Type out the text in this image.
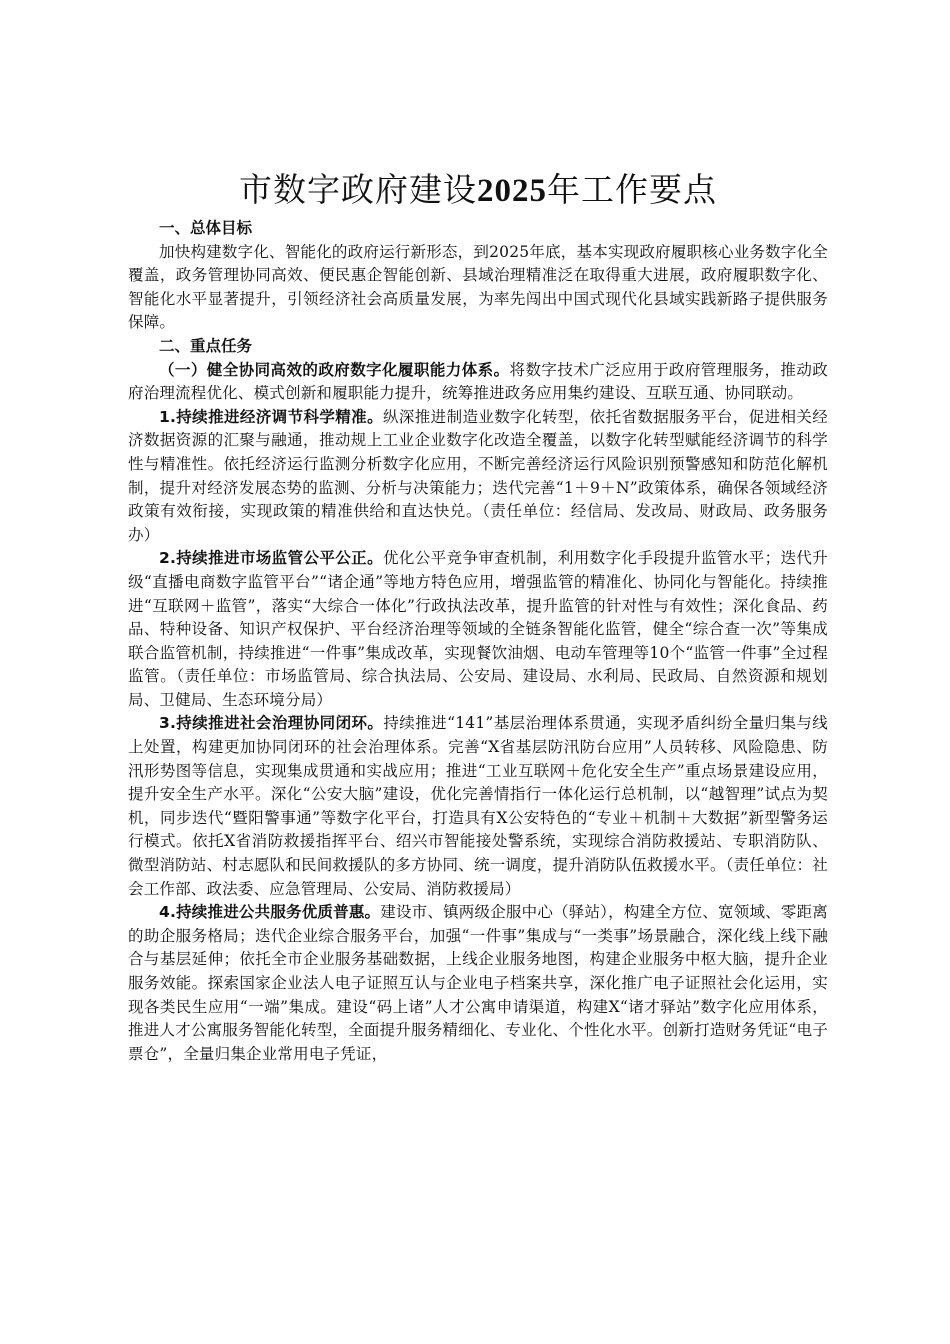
市数字政府建设2025年工作要点
一、总体目标

加快构建数字化、智能化的政府运行新形态，到2025年底，基本实现政府履职核心业务数字化全覆盖，政务管理协同高效、便民惠企智能创新、县域治理精准泛在取得重大进展，政府履职数字化、智能化水平显著提升，引领经济社会高质量发展，为率先闯出中国式现代化县域实践新路子提供服务保障。

二、重点任务

（一）健全协同高效的政府数字化履职能力体系。将数字技术广泛应用于政府管理服务，推动政府治理流程优化、模式创新和履职能力提升，统筹推进政务应用集约建设、互联互通、协同联动。

1.持续推进经济调节科学精准。纵深推进制造业数字化转型，依托省数据服务平台，促进相关经济数据资源的汇聚与融通，推动规上工业企业数字化改造全覆盖，以数字化转型赋能经济调节的科学性与精准性。依托经济运行监测分析数字化应用，不断完善经济运行风险识别预警感知和防范化解机制，提升对经济发展态势的监测、分析与决策能力；迭代完善“1＋9＋N”政策体系，确保各领域经济政策有效衔接，实现政策的精准供给和直达快兑。（责任单位：经信局、发改局、财政局、政务服务办）

2.持续推进市场监管公平公正。优化公平竞争审查机制，利用数字化手段提升监管水平；迭代升级“直播电商数字监管平台”“诸企通”等地方特色应用，增强监管的精准化、协同化与智能化。持续推进“互联网＋监管”，落实“大综合一体化”行政执法改革，提升监管的针对性与有效性；深化食品、药品、特种设备、知识产权保护、平台经济治理等领域的全链条智能化监管，健全“综合查一次”等集成联合监管机制，持续推进“一件事”集成改革，实现餐饮油烟、电动车管理等10个“监管一件事”全过程监管。（责任单位：市场监管局、综合执法局、公安局、建设局、水利局、民政局、自然资源和规划局、卫健局、生态环境分局）

3.持续推进社会治理协同闭环。持续推进“141”基层治理体系贯通，实现矛盾纠纷全量归集与线上处置，构建更加协同闭环的社会治理体系。完善“X省基层防汛防台应用”人员转移、风险隐患、防汛形势图等信息，实现集成贯通和实战应用；推进“工业互联网＋危化安全生产”重点场景建设应用，提升安全生产水平。深化“公安大脑”建设，优化完善情指行一体化运行总机制，以“越智理”试点为契机，同步迭代“暨阳警事通”等数字化平台，打造具有X公安特色的“专业＋机制＋大数据”新型警务运行模式。依托X省消防救援指挥平台、绍兴市智能接处警系统，实现综合消防救援站、专职消防队、微型消防站、村志愿队和民间救援队的多方协同、统一调度，提升消防队伍救援水平。（责任单位：社会工作部、政法委、应急管理局、公安局、消防救援局）

4.持续推进公共服务优质普惠。建设市、镇两级企服中心（驿站），构建全方位、宽领域、零距离的助企服务格局；迭代企业综合服务平台，加强“一件事”集成与“一类事”场景融合，深化线上线下融合与基层延伸；依托全市企业服务基础数据，上线企业服务地图，构建企业服务中枢大脑，提升企业服务效能。探索国家企业法人电子证照互认与企业电子档案共享，深化推广电子证照社会化运用，实现各类民生应用“一端”集成。建设“码上诸”人才公寓申请渠道，构建X“诸才驿站”数字化应用体系，推进人才公寓服务智能化转型，全面提升服务精细化、专业化、个性化水平。创新打造财务凭证“电子票仓”，全量归集企业常用电子凭证，
